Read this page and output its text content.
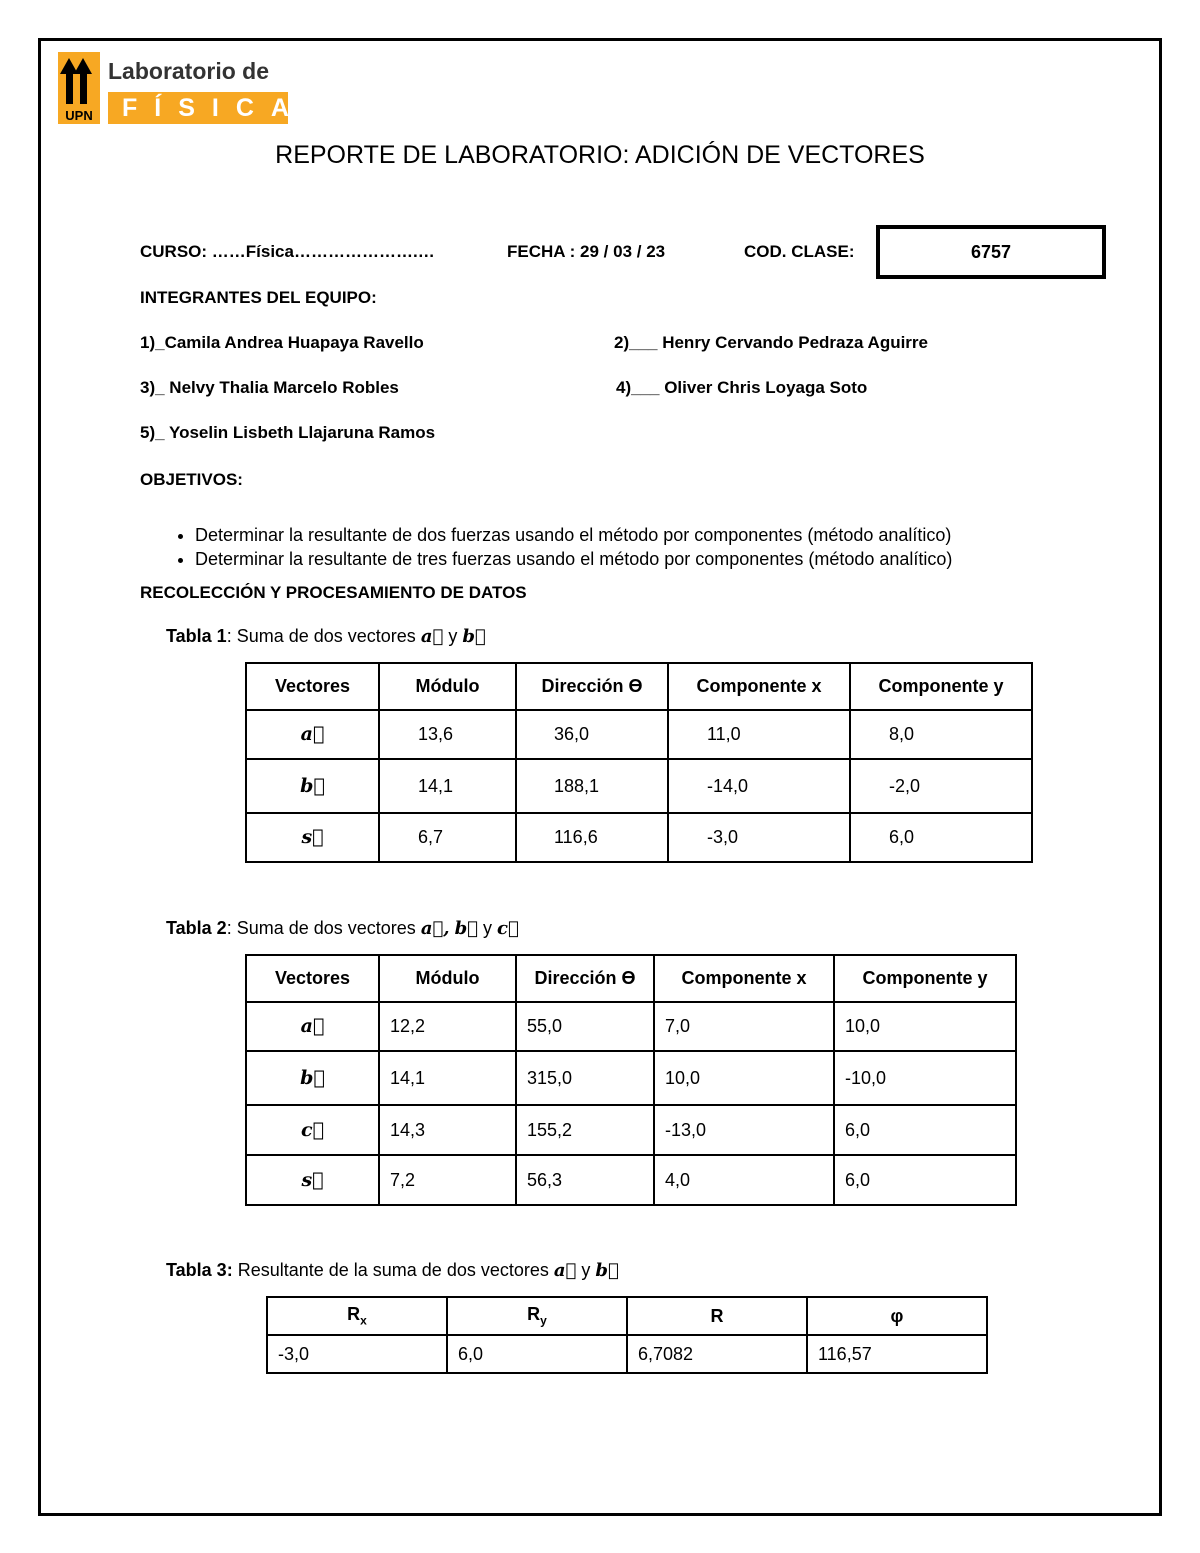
UPN
Laboratorio de
FÍSICA
REPORTE DE LABORATORIO: ADICIÓN DE VECTORES
CURSO: ……Física………………….…	FECHA : 29 / 03 / 23	COD. CLASE:	6757
INTEGRANTES DEL EQUIPO:
1)_Camila Andrea Huapaya Ravello	2)___ Henry Cervando Pedraza Aguirre
3)_ Nelvy Thalia Marcelo Robles	4)___ Oliver Chris Loyaga Soto
5)_ Yoselin Lisbeth Llajaruna Ramos
OBJETIVOS:
• Determinar la resultante de dos fuerzas usando el método por componentes (método analítico)
• Determinar la resultante de tres fuerzas usando el método por componentes (método analítico)
RECOLECCIÓN Y PROCESAMIENTO DE DATOS
Tabla 1: Suma de dos vectores a⃗ y b⃗
Vectores	Módulo	Dirección ϴ	Componente x	Componente y
a⃗	13,6	36,0	11,0	8,0
b⃗	14,1	188,1	-14,0	-2,0
s⃗	6,7	116,6	-3,0	6,0
Tabla 2: Suma de dos vectores a⃗, b⃗ y c⃗
Vectores	Módulo	Dirección ϴ	Componente x	Componente y
a⃗	12,2	55,0	7,0	10,0
b⃗	14,1	315,0	10,0	-10,0
c⃗	14,3	155,2	-13,0	6,0
s⃗	7,2	56,3	4,0	6,0
Tabla 3: Resultante de la suma de dos vectores a⃗ y b⃗
$R_x$	$R_y$	R	φ
-3,0	6,0	6,7082	116,57
